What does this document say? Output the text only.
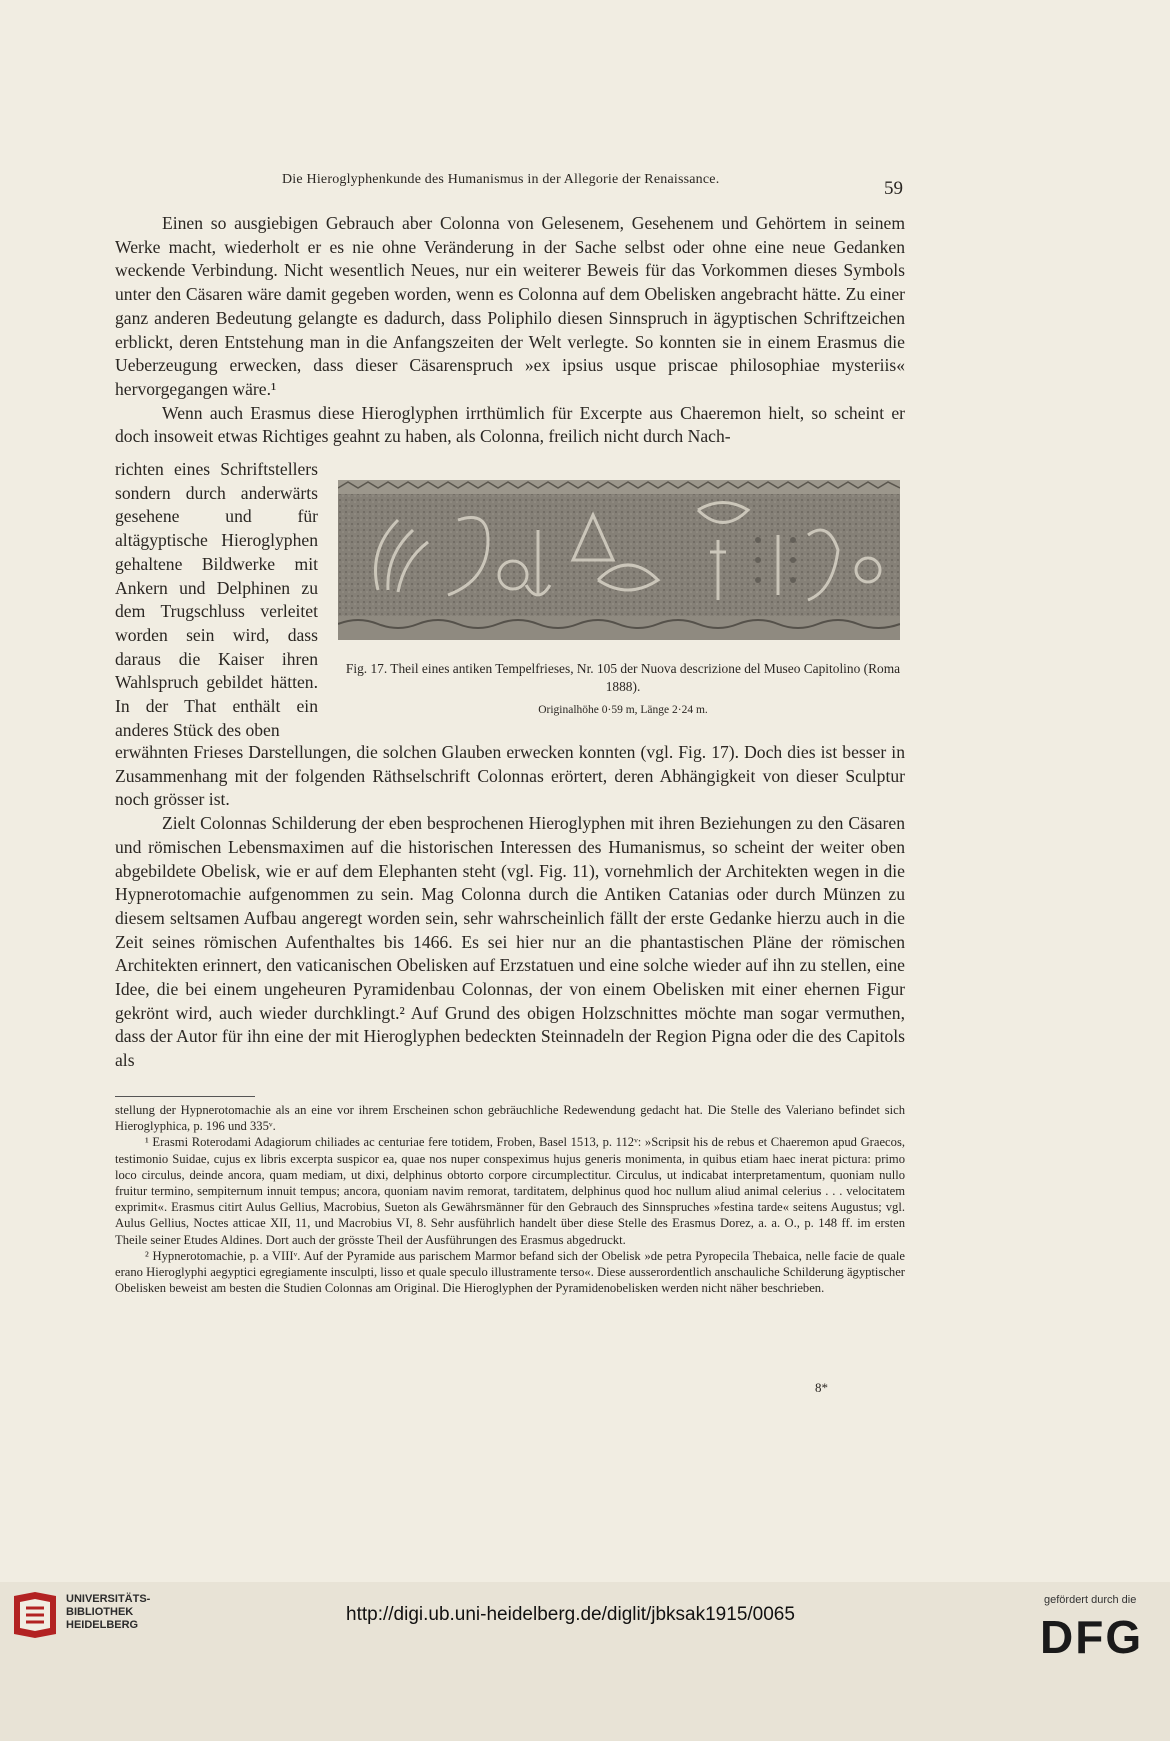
Die Hieroglyphenkunde des Humanismus in der Allegorie der Renaissance.	59

Einen so ausgiebigen Gebrauch aber Colonna von Gelesenem, Gesehenem und Gehörtem in seinem Werke macht, wiederholt er es nie ohne Veränderung in der Sache selbst oder ohne eine neue Gedanken weckende Verbindung. Nicht wesentlich Neues, nur ein weiterer Beweis für das Vorkommen dieses Symbols unter den Cäsaren wäre damit gegeben worden, wenn es Colonna auf dem Obelisken angebracht hätte. Zu einer ganz anderen Bedeutung gelangte es dadurch, dass Poliphilo diesen Sinnspruch in ägyptischen Schriftzeichen erblickt, deren Entstehung man in die Anfangszeiten der Welt verlegte. So konnten sie in einem Erasmus die Ueberzeugung erwecken, dass dieser Cäsarenspruch »ex ipsius usque priscae philosophiae mysteriis« hervorgegangen wäre.¹

Wenn auch Erasmus diese Hieroglyphen irrthümlich für Excerpte aus Chaeremon hielt, so scheint er doch insoweit etwas Richtiges geahnt zu haben, als Colonna, freilich nicht durch Nach-

richten eines Schriftstellers sondern durch anderwärts gesehene und für altägyptische Hieroglyphen gehaltene Bildwerke mit Ankern und Delphinen zu dem Trugschluss verleitet worden sein wird, dass daraus die Kaiser ihren Wahlspruch gebildet hätten. In der That enthält ein anderes Stück des oben
Fig. 17. Theil eines antiken Tempelfrieses, Nr. 105 der Nuova descrizione del Museo Capitolino (Roma 1888).
Originalhöhe 0·59 m, Länge 2·24 m.

erwähnten Frieses Darstellungen, die solchen Glauben erwecken konnten (vgl. Fig. 17). Doch dies ist besser in Zusammenhang mit der folgenden Räthselschrift Colonnas erörtert, deren Abhängigkeit von dieser Sculptur noch grösser ist.

Zielt Colonnas Schilderung der eben besprochenen Hieroglyphen mit ihren Beziehungen zu den Cäsaren und römischen Lebensmaximen auf die historischen Interessen des Humanismus, so scheint der weiter oben abgebildete Obelisk, wie er auf dem Elephanten steht (vgl. Fig. 11), vornehmlich der Architekten wegen in die Hypnerotomachie aufgenommen zu sein. Mag Colonna durch die Antiken Catanias oder durch Münzen zu diesem seltsamen Aufbau angeregt worden sein, sehr wahrscheinlich fällt der erste Gedanke hierzu auch in die Zeit seines römischen Aufenthaltes bis 1466. Es sei hier nur an die phantastischen Pläne der römischen Architekten erinnert, den vaticanischen Obelisken auf Erzstatuen und eine solche wieder auf ihn zu stellen, eine Idee, die bei einem ungeheuren Pyramidenbau Colonnas, der von einem Obelisken mit einer ehernen Figur gekrönt wird, auch wieder durchklingt.² Auf Grund des obigen Holzschnittes möchte man sogar vermuthen, dass der Autor für ihn eine der mit Hieroglyphen bedeckten Steinnadeln der Region Pigna oder die des Capitols als

stellung der Hypnerotomachie als an eine vor ihrem Erscheinen schon gebräuchliche Redewendung gedacht hat. Die Stelle des Valeriano befindet sich Hieroglyphica, p. 196 und 335ᵛ.

¹ Erasmi Roterodami Adagiorum chiliades ac centuriae fere totidem, Froben, Basel 1513, p. 112ᵛ: »Scripsit his de rebus et Chaeremon apud Graecos, testimonio Suidae, cujus ex libris excerpta suspicor ea, quae nos nuper conspeximus hujus generis monimenta, in quibus etiam haec inerat pictura: primo loco circulus, deinde ancora, quam mediam, ut dixi, delphinus obtorto corpore circumplectitur. Circulus, ut indicabat interpretamentum, quoniam nullo fruitur termino, sempiternum innuit tempus; ancora, quoniam navim remorat, tarditatem, delphinus quod hoc nullum aliud animal celerius . . . velocitatem exprimit«. Erasmus citirt Aulus Gellius, Macrobius, Sueton als Gewährsmänner für den Gebrauch des Sinnspruches »festina tarde« seitens Augustus; vgl. Aulus Gellius, Noctes atticae XII, 11, und Macrobius VI, 8. Sehr ausführlich handelt über diese Stelle des Erasmus Dorez, a. a. O., p. 148 ff. im ersten Theile seiner Etudes Aldines. Dort auch der grösste Theil der Ausführungen des Erasmus abgedruckt.

² Hypnerotomachie, p. a VIIIᵛ. Auf der Pyramide aus parischem Marmor befand sich der Obelisk »de petra Pyropecila Thebaica, nelle facie de quale erano Hieroglyphi aegyptici egregiamente insculpti, lisso et quale speculo illustramente terso«. Diese ausserordentlich anschauliche Schilderung ägyptischer Obelisken beweist am besten die Studien Colonnas am Original. Die Hieroglyphen der Pyramidenobelisken werden nicht näher beschrieben.

8*
UNIVERSITÄTS-
BIBLIOTHEK
HEIDELBERG	http://digi.ub.uni-heidelberg.de/diglit/jbksak1915/0065
gefördert durch die
DFG
